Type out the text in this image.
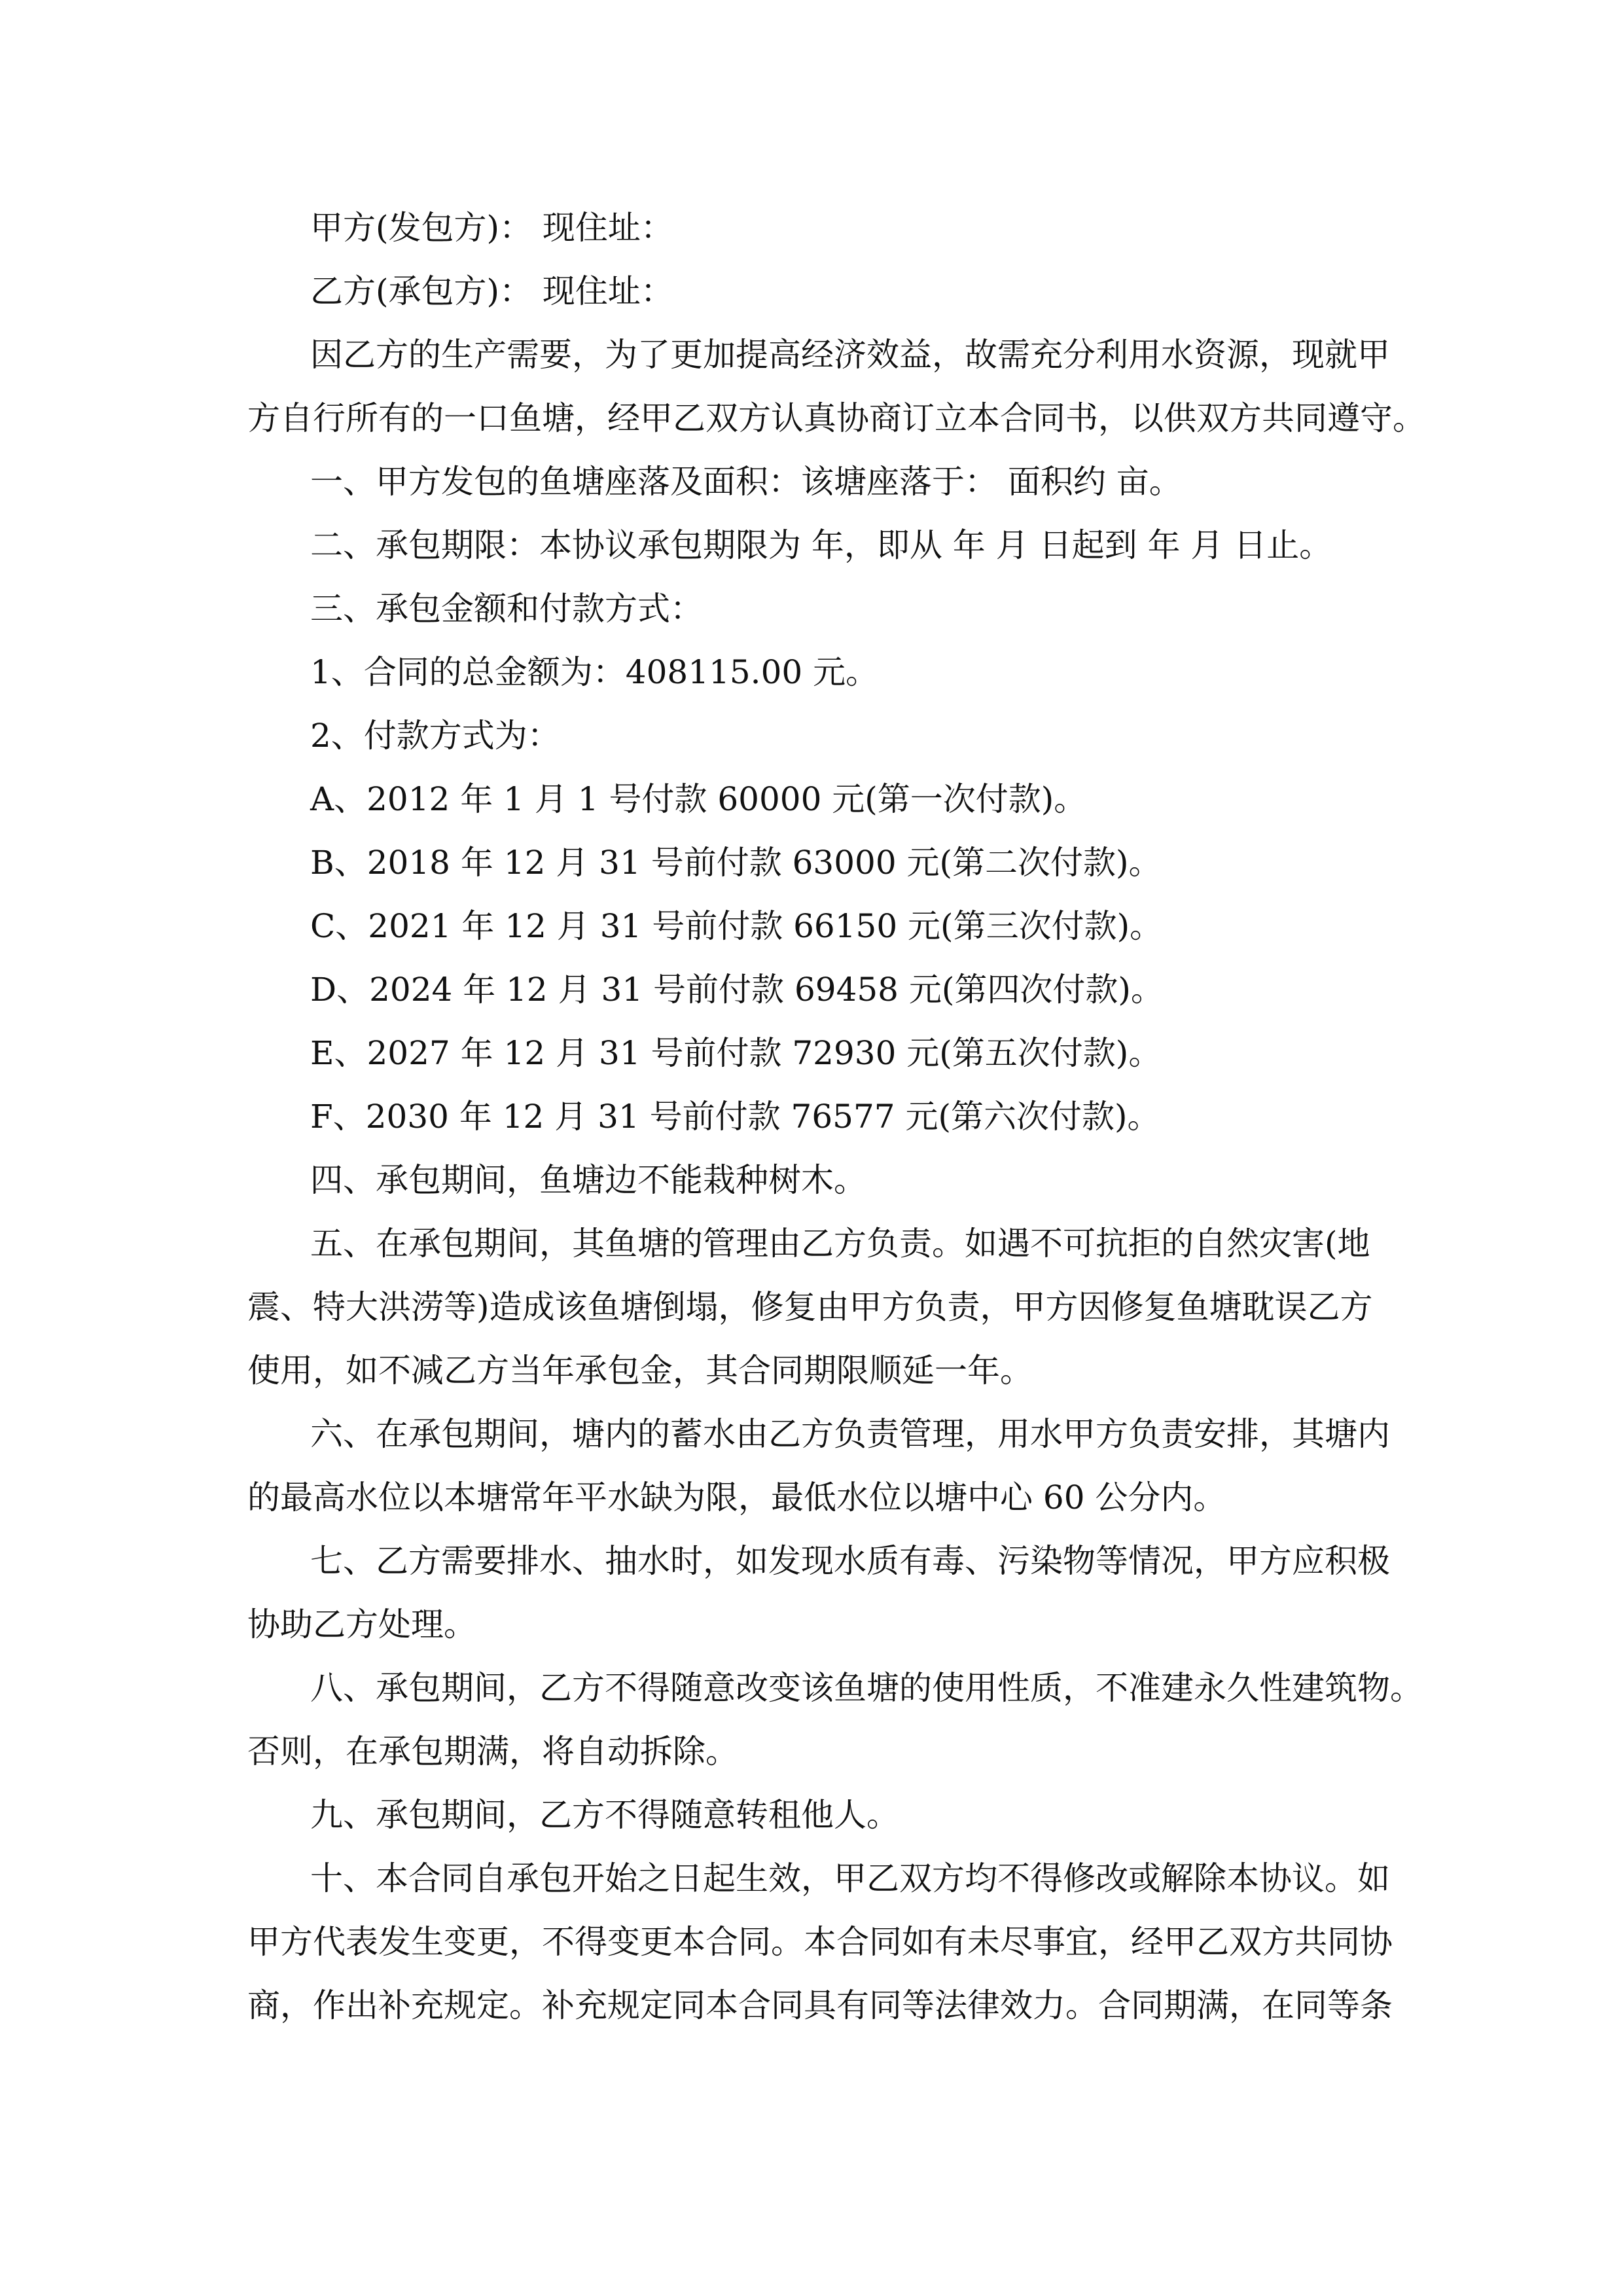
甲方(发包方)： 现住址：
乙方(承包方)： 现住址：
因乙方的生产需要，为了更加提高经济效益，故需充分利用水资源，现就甲
方自行所有的一口鱼塘，经甲乙双方认真协商订立本合同书，以供双方共同遵守。
一、甲方发包的鱼塘座落及面积：该塘座落于： 面积约 亩。
二、承包期限：本协议承包期限为 年，即从 年 月 日起到 年 月 日止。
三、承包金额和付款方式：
1、合同的总金额为：408115.00 元。
2、付款方式为：
A、2012 年 1 月 1 号付款 60000 元(第一次付款)。
B、2018 年 12 月 31 号前付款 63000 元(第二次付款)。
C、2021 年 12 月 31 号前付款 66150 元(第三次付款)。
D、2024 年 12 月 31 号前付款 69458 元(第四次付款)。
E、2027 年 12 月 31 号前付款 72930 元(第五次付款)。
F、2030 年 12 月 31 号前付款 76577 元(第六次付款)。
四、承包期间，鱼塘边不能栽种树木。
五、在承包期间，其鱼塘的管理由乙方负责。如遇不可抗拒的自然灾害(地
震、特大洪涝等)造成该鱼塘倒塌，修复由甲方负责，甲方因修复鱼塘耽误乙方
使用，如不减乙方当年承包金，其合同期限顺延一年。
六、在承包期间，塘内的蓄水由乙方负责管理，用水甲方负责安排，其塘内
的最高水位以本塘常年平水缺为限，最低水位以塘中心 60 公分内。
七、乙方需要排水、抽水时，如发现水质有毒、污染物等情况，甲方应积极
协助乙方处理。
八、承包期间，乙方不得随意改变该鱼塘的使用性质，不准建永久性建筑物。
否则，在承包期满，将自动拆除。
九、承包期间，乙方不得随意转租他人。
十、本合同自承包开始之日起生效，甲乙双方均不得修改或解除本协议。如
甲方代表发生变更，不得变更本合同。本合同如有未尽事宜，经甲乙双方共同协
商，作出补充规定。补充规定同本合同具有同等法律效力。合同期满，在同等条
